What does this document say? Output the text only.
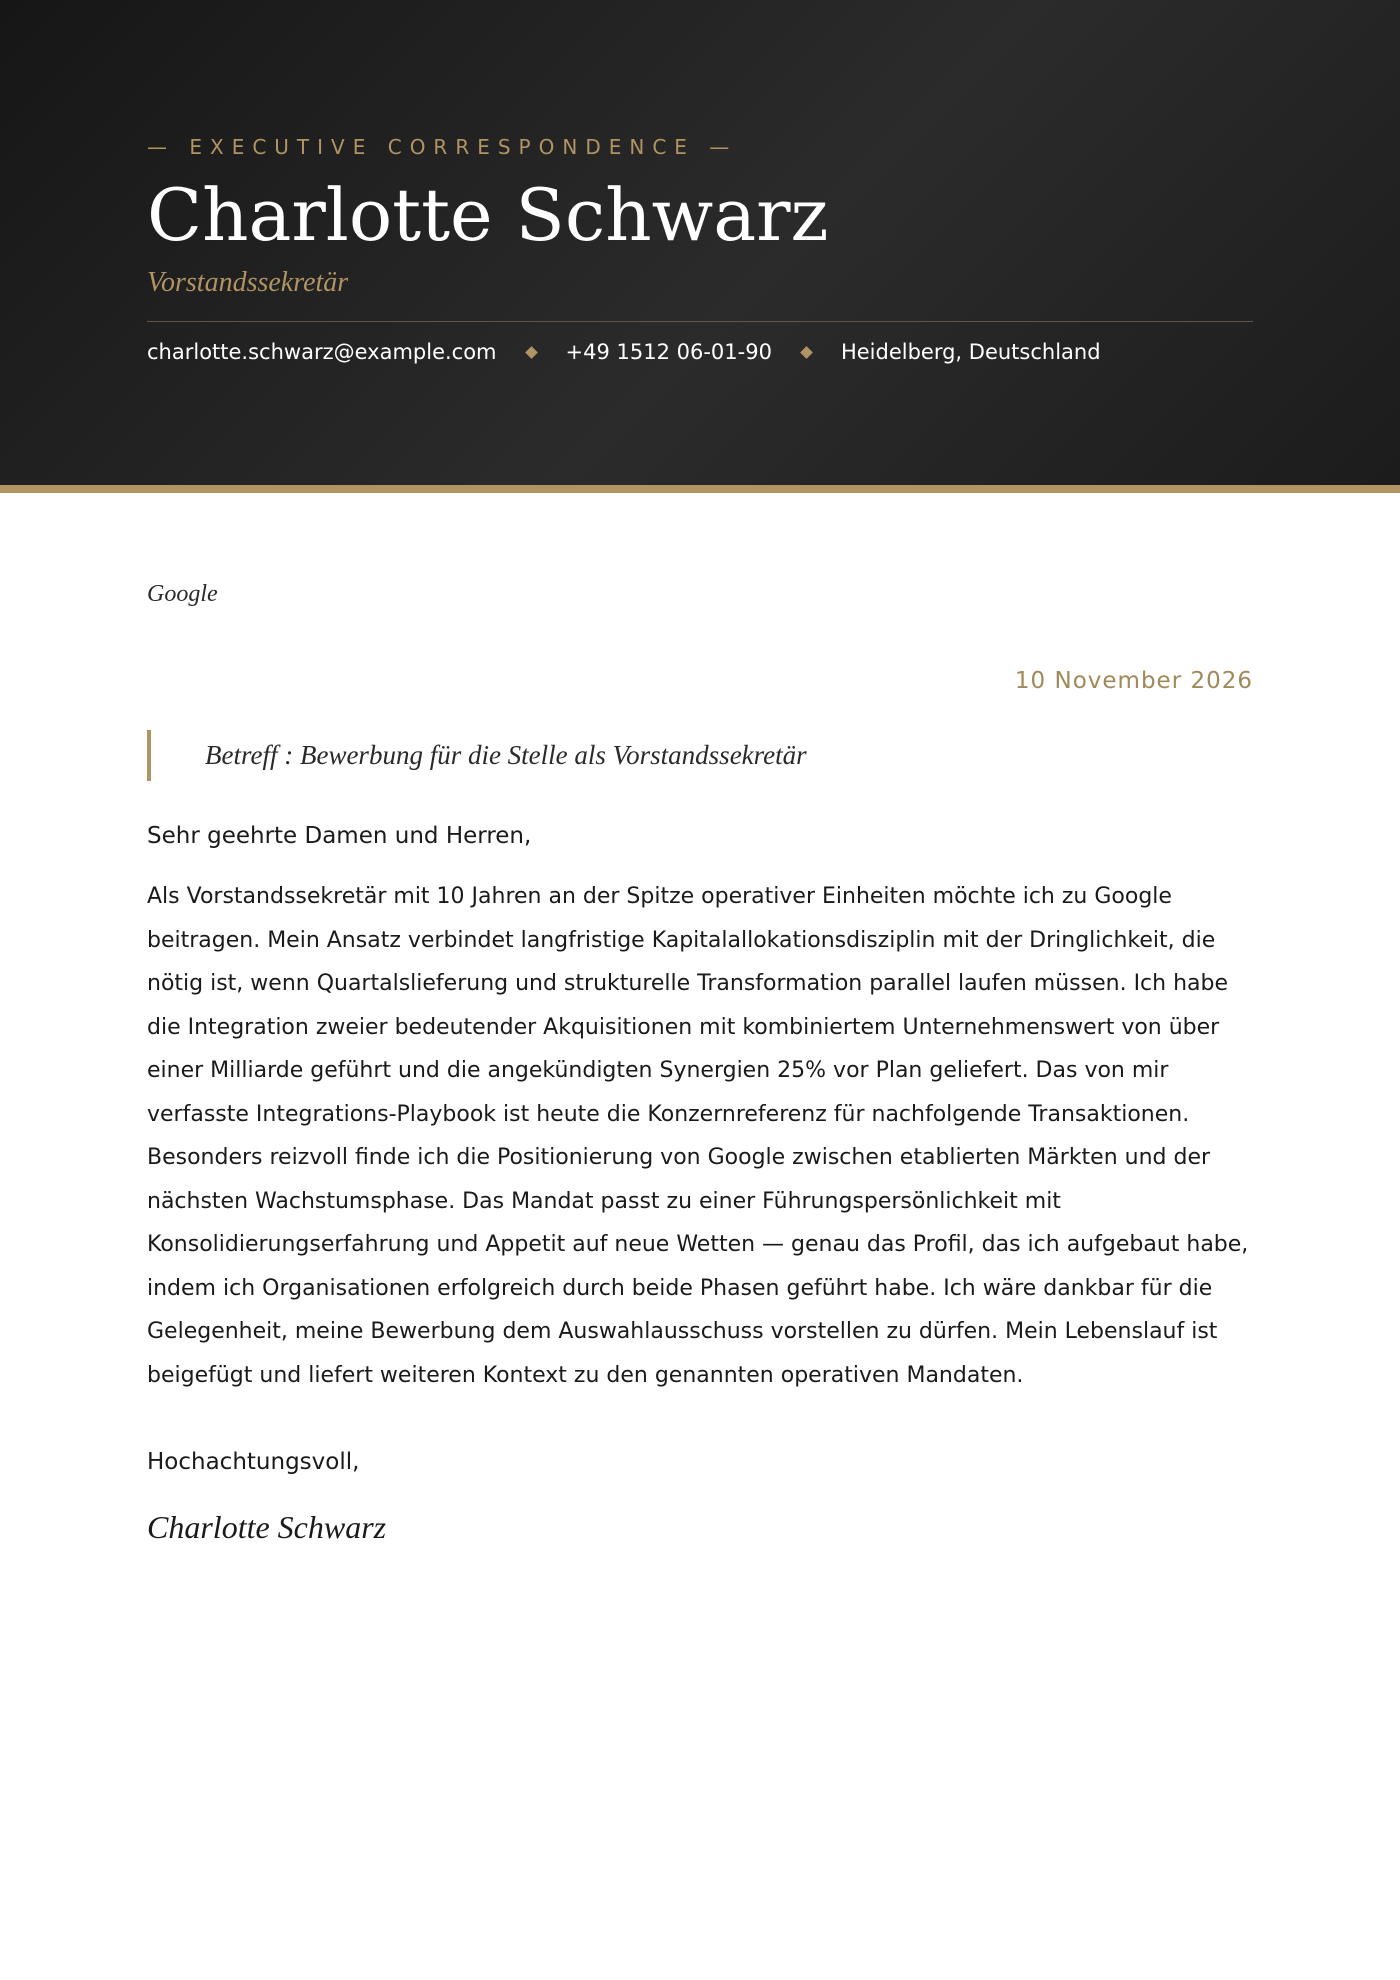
— EXECUTIVE CORRESPONDENCE —
Charlotte Schwarz
Vorstandssekretär
charlotte.schwarz@example.com	+49 1512 06-01-90	Heidelberg, Deutschland
Google
10 November 2026
Betreff : Bewerbung für die Stelle als Vorstandssekretär
Sehr geehrte Damen und Herren,
Als Vorstandssekretär mit 10 Jahren an der Spitze operativer Einheiten möchte ich zu Google beitragen. Mein Ansatz verbindet langfristige Kapitalallokationsdisziplin mit der Dringlichkeit, die nötig ist, wenn Quartalslieferung und strukturelle Transformation parallel laufen müssen. Ich habe die Integration zweier bedeutender Akquisitionen mit kombiniertem Unternehmenswert von über einer Milliarde geführt und die angekündigten Synergien 25% vor Plan geliefert. Das von mir verfasste Integrations-Playbook ist heute die Konzernreferenz für nachfolgende Transaktionen. Besonders reizvoll finde ich die Positionierung von Google zwischen etablierten Märkten und der nächsten Wachstumsphase. Das Mandat passt zu einer Führungspersönlichkeit mit Konsolidierungserfahrung und Appetit auf neue Wetten — genau das Profil, das ich aufgebaut habe, indem ich Organisationen erfolgreich durch beide Phasen geführt habe. Ich wäre dankbar für die Gelegenheit, meine Bewerbung dem Auswahlausschuss vorstellen zu dürfen. Mein Lebenslauf ist beigefügt und liefert weiteren Kontext zu den genannten operativen Mandaten.
Hochachtungsvoll,
Charlotte Schwarz
